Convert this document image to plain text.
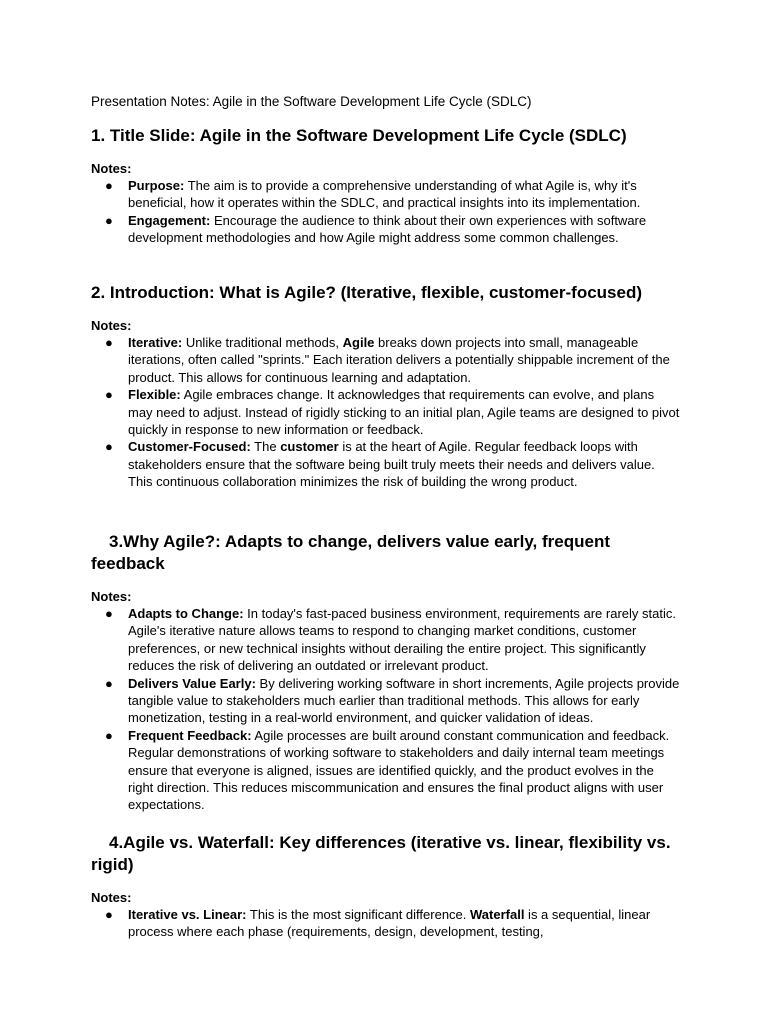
Presentation Notes: Agile in the Software Development Life Cycle (SDLC)
1. Title Slide: Agile in the Software Development Life Cycle (SDLC)
Notes:
● Purpose: The aim is to provide a comprehensive understanding of what Agile is, why it's beneficial, how it operates within the SDLC, and practical insights into its implementation.
● Engagement: Encourage the audience to think about their own experiences with software development methodologies and how Agile might address some common challenges.
2. Introduction: What is Agile? (Iterative, flexible, customer-focused)
Notes:
● Iterative: Unlike traditional methods, Agile breaks down projects into small, manageable iterations, often called "sprints." Each iteration delivers a potentially shippable increment of the product. This allows for continuous learning and adaptation.
● Flexible: Agile embraces change. It acknowledges that requirements can evolve, and plans may need to adjust. Instead of rigidly sticking to an initial plan, Agile teams are designed to pivot quickly in response to new information or feedback.
● Customer-Focused: The customer is at the heart of Agile. Regular feedback loops with stakeholders ensure that the software being built truly meets their needs and delivers value. This continuous collaboration minimizes the risk of building the wrong product.
3.Why Agile?: Adapts to change, delivers value early, frequent feedback
Notes:
● Adapts to Change: In today's fast-paced business environment, requirements are rarely static. Agile's iterative nature allows teams to respond to changing market conditions, customer preferences, or new technical insights without derailing the entire project. This significantly reduces the risk of delivering an outdated or irrelevant product.
● Delivers Value Early: By delivering working software in short increments, Agile projects provide tangible value to stakeholders much earlier than traditional methods. This allows for early monetization, testing in a real-world environment, and quicker validation of ideas.
● Frequent Feedback: Agile processes are built around constant communication and feedback. Regular demonstrations of working software to stakeholders and daily internal team meetings ensure that everyone is aligned, issues are identified quickly, and the product evolves in the right direction. This reduces miscommunication and ensures the final product aligns with user expectations.
4.Agile vs. Waterfall: Key differences (iterative vs. linear, flexibility vs. rigid)
Notes:
● Iterative vs. Linear: This is the most significant difference. Waterfall is a sequential, linear process where each phase (requirements, design, development, testing,
